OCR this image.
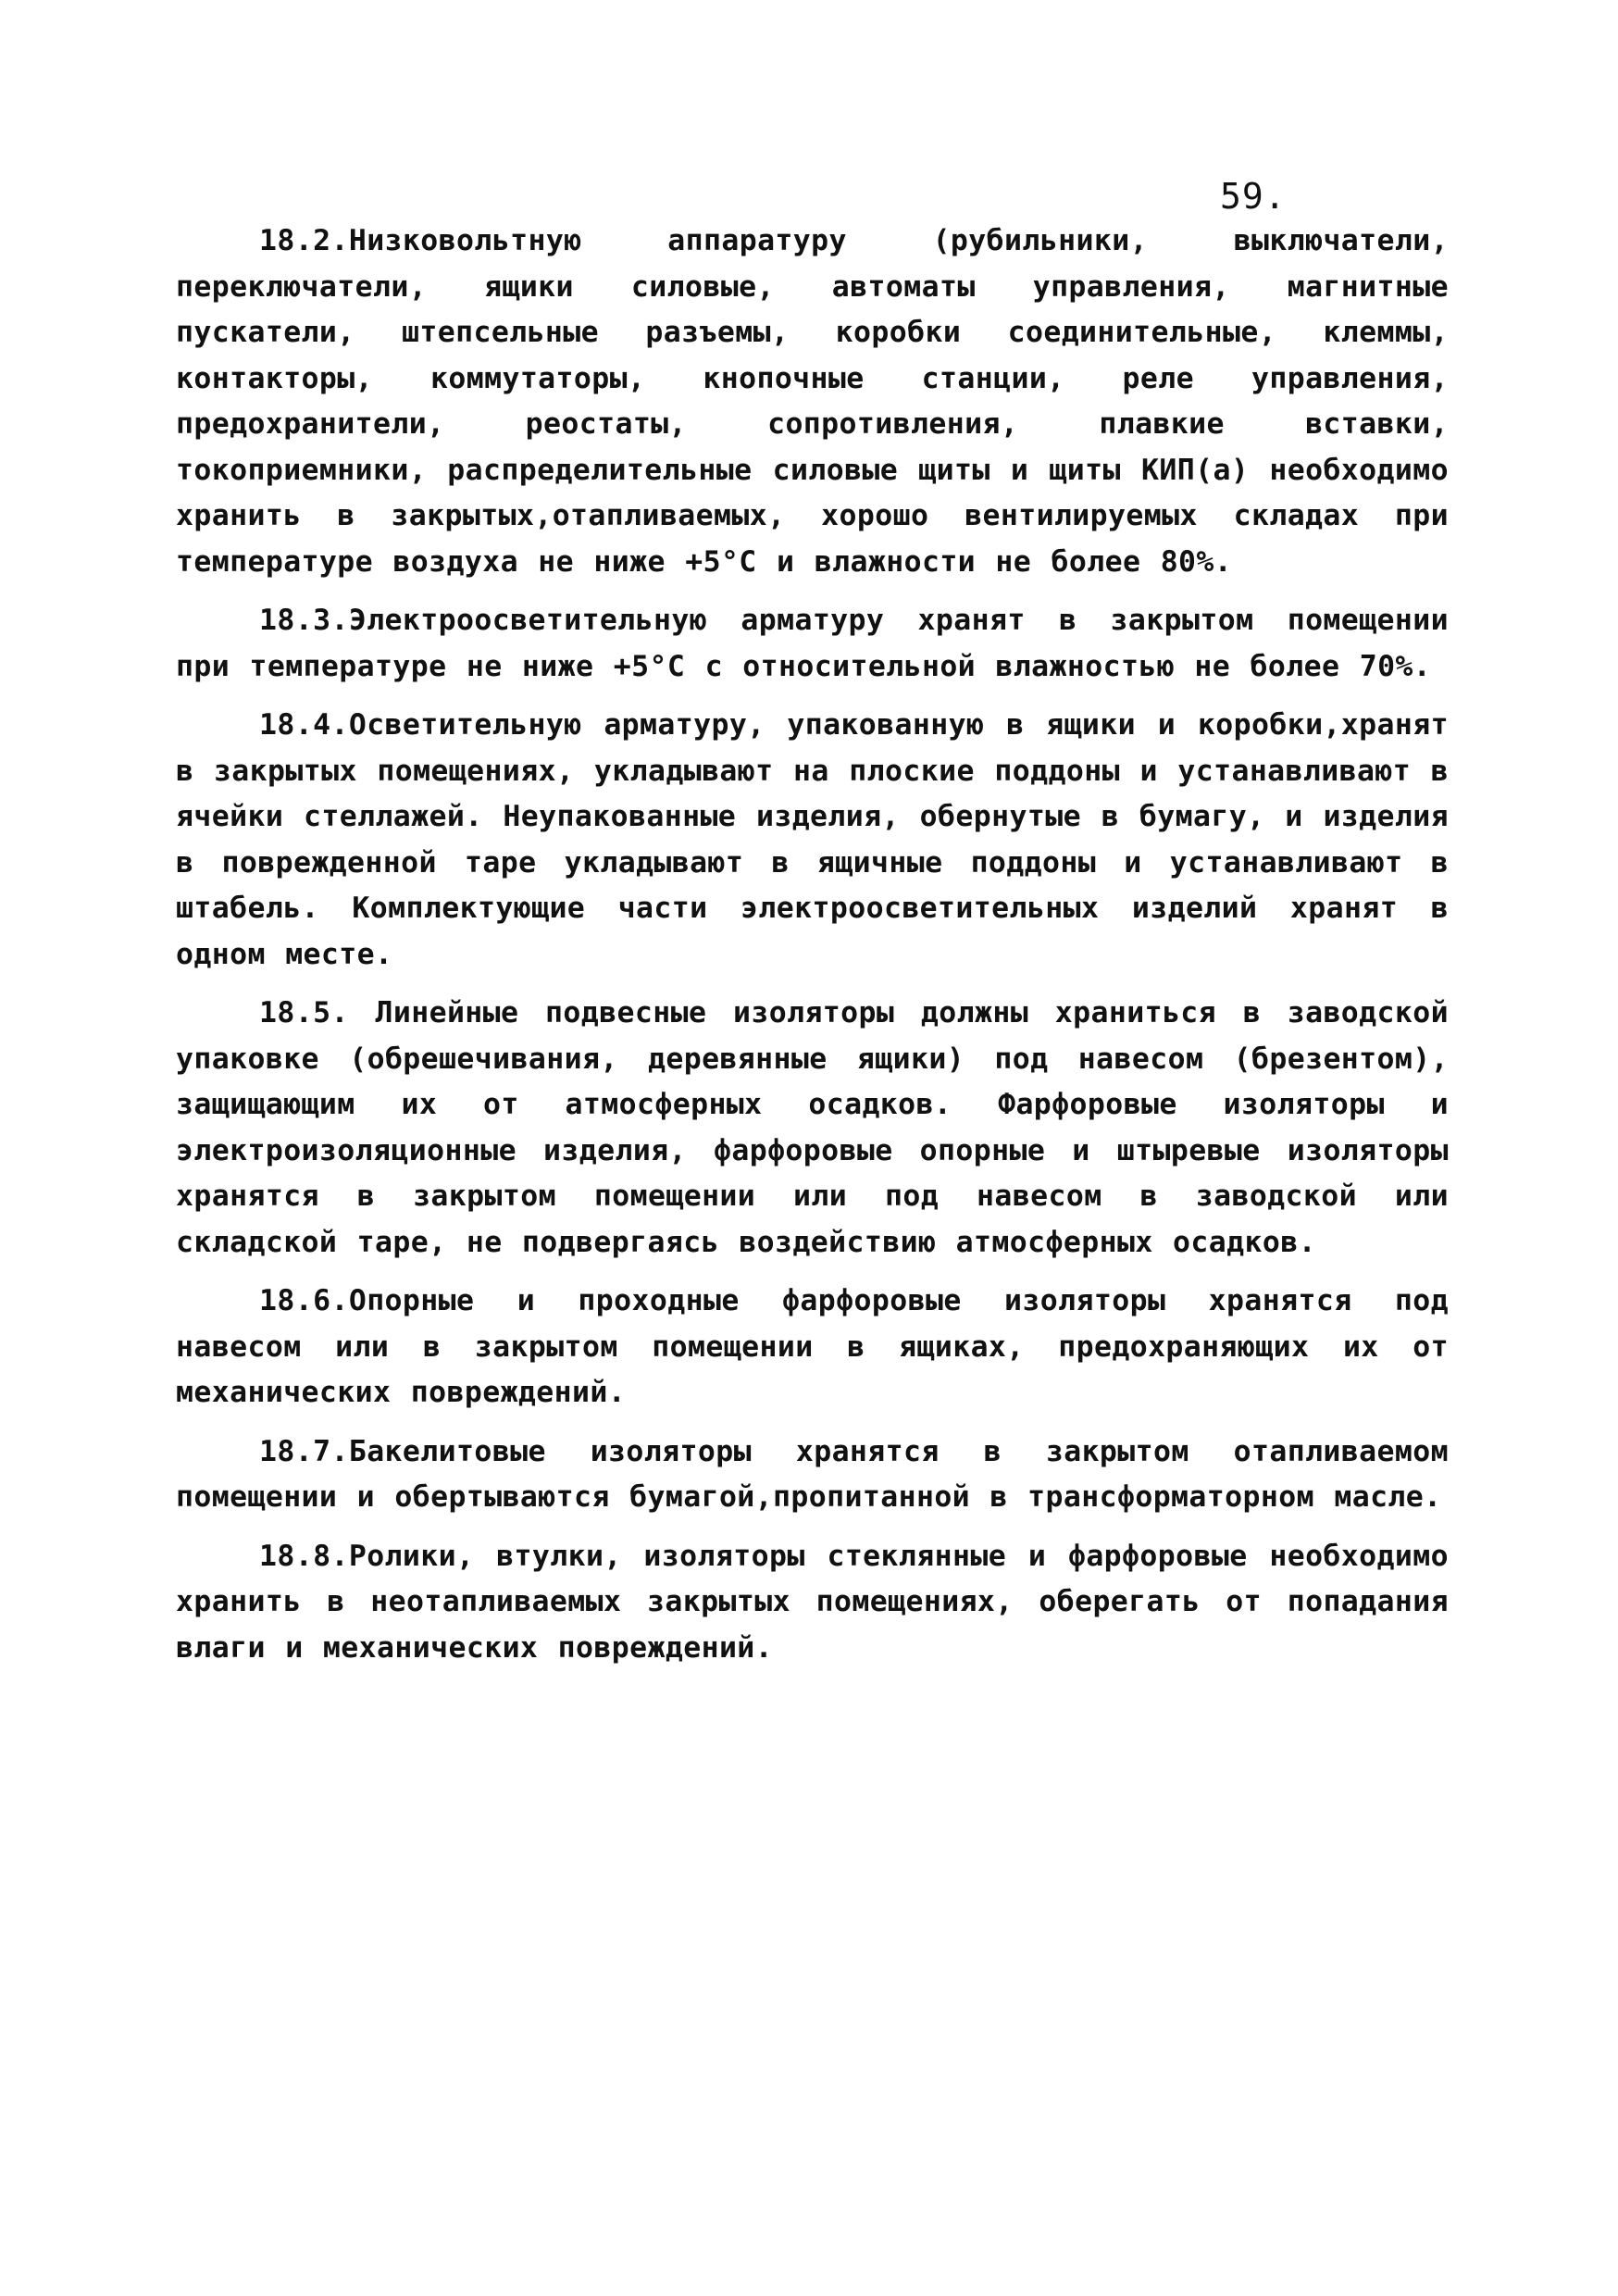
59.

18.2.Низковольтную аппаратуру (рубильники, выключатели, переключатели, ящики силовые, автоматы управления, магнитные пускатели, штепсельные разъемы, коробки соединительные, клеммы, контакторы, коммутаторы, кнопочные станции, реле управления, предохранители, реостаты, сопротивления, плавкие вставки, токоприемники, распределительные силовые щиты и щиты КИП(а) необходимо хранить в закрытых,отапливаемых, хорошо вентилируемых складах при температуре воздуха не ниже +5°С и влажности не более 80%.

18.3.Электроосветительную арматуру хранят в закрытом помещении при температуре не ниже +5°С с относительной влажностью не более 70%.

18.4.Осветительную арматуру, упакованную в ящики и коробки,хранят в закрытых помещениях, укладывают на плоские поддоны и устанавливают в ячейки стеллажей. Неупакованные изделия, обернутые в бумагу, и изделия в поврежденной таре укладывают в ящичные поддоны и устанавливают в штабель. Комплектующие части электроосветительных изделий хранят в одном месте.

18.5. Линейные подвесные изоляторы должны храниться в заводской упаковке (обрешечивания, деревянные ящики) под навесом (брезентом), защищающим их от атмосферных осадков. Фарфоровые изоляторы и электроизоляционные изделия, фарфоровые опорные и штыревые изоляторы хранятся в закрытом помещении или под навесом в заводской или складской таре, не подвергаясь воздействию атмосферных осадков.

18.6.Опорные и проходные фарфоровые изоляторы хранятся под навесом или в закрытом помещении в ящиках, предохраняющих их от механических повреждений.

18.7.Бакелитовые изоляторы хранятся в закрытом отапливаемом помещении и обертываются бумагой,пропитанной в трансформаторном масле.

18.8.Ролики, втулки, изоляторы стеклянные и фарфоровые необходимо хранить в неотапливаемых закрытых помещениях, оберегать от попадания влаги и механических повреждений.
